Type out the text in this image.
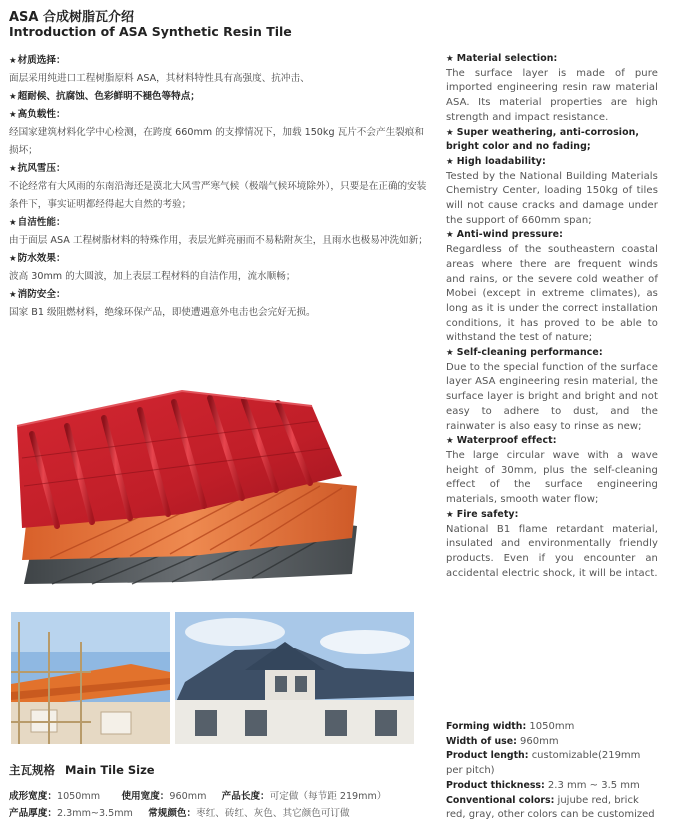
ASA 合成树脂瓦介绍
Introduction of ASA Synthetic Resin Tile
★ 材质选择：
面层采用纯进口工程树脂原料 ASA，其材料特性具有高强度、抗冲击、
★ 超耐候、抗腐蚀、色彩鲜明不褪色等特点；
★ 高负载性：
经国家建筑材料化学中心检测，在跨度 660mm 的支撑情况下，加载 150kg 瓦片不会产生裂痕和损坏；
★ 抗风雪压：
不论经常有大风雨的东南沿海还是漠北大风雪严寒气候（极端气候环境除外），只要是在正确的安装条件下，事实证明都经得起大自然的考验；
★ 自洁性能：
由于面层 ASA 工程树脂材料的特殊作用，表层光鲜亮丽而不易粘附灰尘，且雨水也极易冲洗如新；
★ 防水效果：
波高 30mm 的大圆波，加上表层工程材料的自洁作用，流水顺畅；
★ 消防安全：
国家 B1 级阻燃材料，绝缘环保产品，即使遭遇意外电击也会完好无损。
★ Material selection:
The surface layer is made of pure imported engineering resin raw material ASA. Its material properties are high strength and impact resistance.
★ Super weathering, anti-corrosion, bright color and no fading;
★ High loadability:
Tested by the National Building Materials Chemistry Center, loading 150kg of tiles will not cause cracks and damage under the support of 660mm span;
★ Anti-wind pressure:
Regardless of the southeastern coastal areas where there are frequent winds and rains, or the severe cold weather of Mobei (except in extreme climates), as long as it is under the correct installation conditions, it has proved to be able to withstand the test of nature;
★ Self-cleaning performance:
Due to the special function of the surface layer ASA engineering resin material, the surface layer is bright and bright and not easy to adhere to dust, and the rainwater is also easy to rinse as new;
★ Waterproof effect:
The large circular wave with a wave height of 30mm, plus the self-cleaning effect of the surface engineering materials, smooth water flow;
★ Fire safety:
National B1 flame retardant material, insulated and environmentally friendly products. Even if you encounter an accidental electric shock, it will be intact.
主瓦规格 Main Tile Size
成形宽度：1050mm 使用宽度：960mm 产品长度：可定做（每节距 219mm）
产品厚度：2.3mm~3.5mm 常规颜色：枣红、砖红、灰色、其它颜色可订做
Forming width: 1050mm
Width of use: 960mm
Product length: customizable(219mm per pitch)
Product thickness: 2.3 mm ~ 3.5 mm
Conventional colors: jujube red, brick red, gray, other colors can be customized
